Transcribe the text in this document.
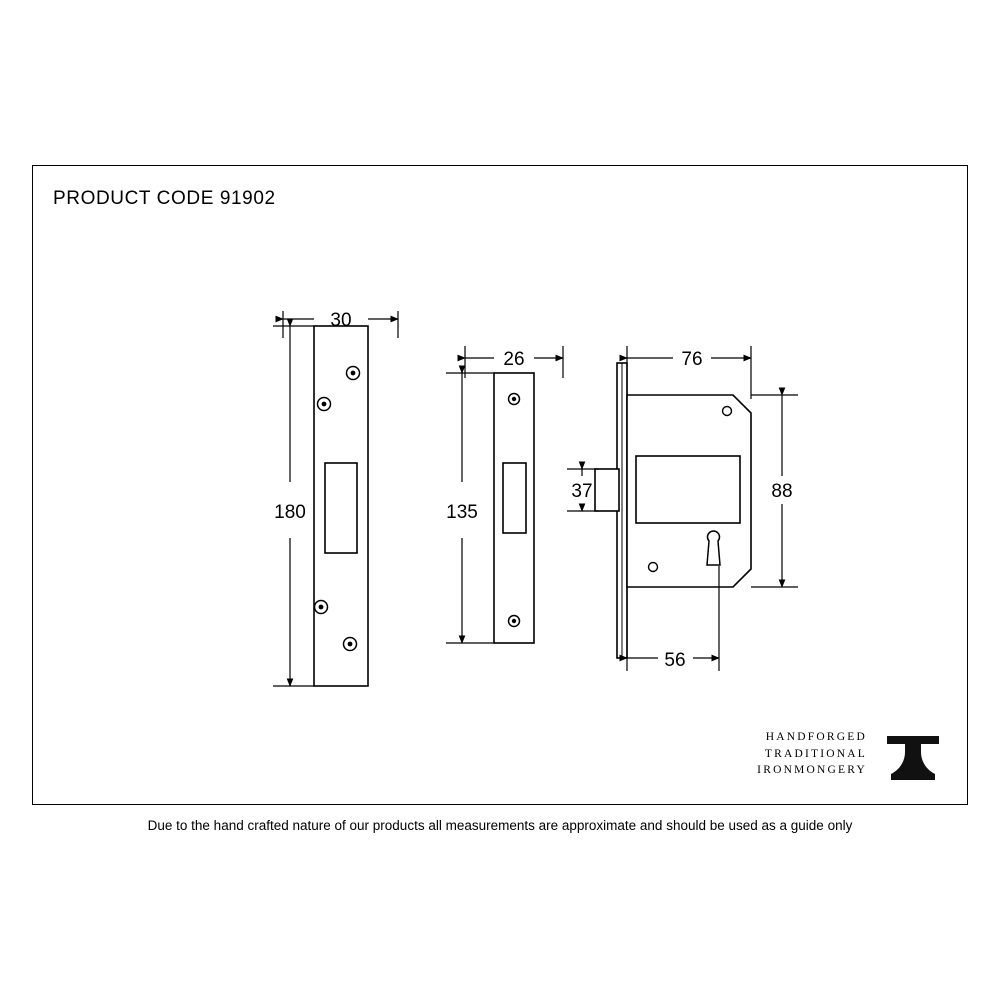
PRODUCT CODE 91902
30
180
26
135
76
37	88
56
HANDFORGED
TRADITIONAL
IRONMONGERY
Due to the hand crafted nature of our products all measurements are approximate and should be used as a guide only
